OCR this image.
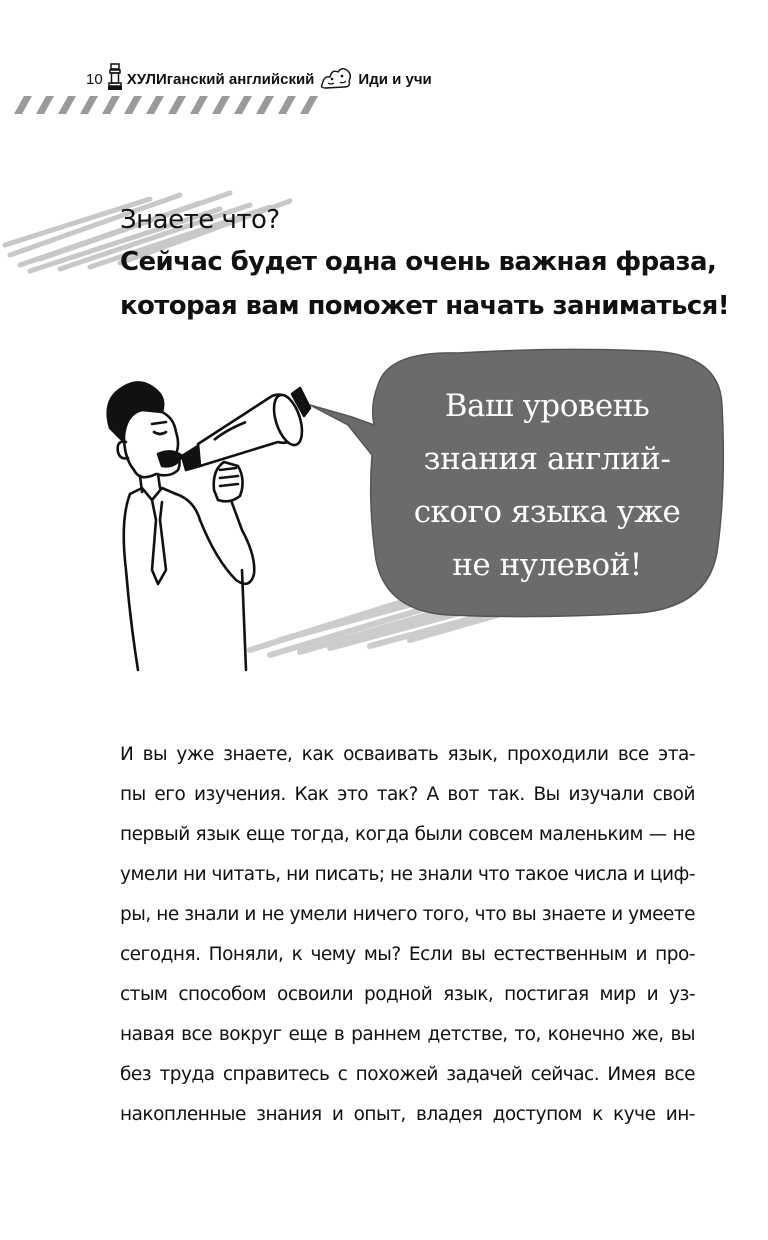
10 ХУЛИганский английский	Иди и учи
Знаете что?
Сейчас будет одна очень важная фраза,
которая вам поможет начать заниматься!
Ваш уровень
знания англий-
ского языка уже
не нулевой!
И вы уже знаете, как осваивать язык, проходили все эта-
пы его изучения. Как это так? А вот так. Вы изучали свой
первый язык еще тогда, когда были совсем маленьким — не
умели ни читать, ни писать; не знали что такое числа и циф-
ры, не знали и не умели ничего того, что вы знаете и умеете
сегодня. Поняли, к чему мы? Если вы естественным и про-
стым способом освоили родной язык, постигая мир и уз-
навая все вокруг еще в раннем детстве, то, конечно же, вы
без труда справитесь с похожей задачей сейчас. Имея все
накопленные знания и опыт, владея доступом к куче ин-
